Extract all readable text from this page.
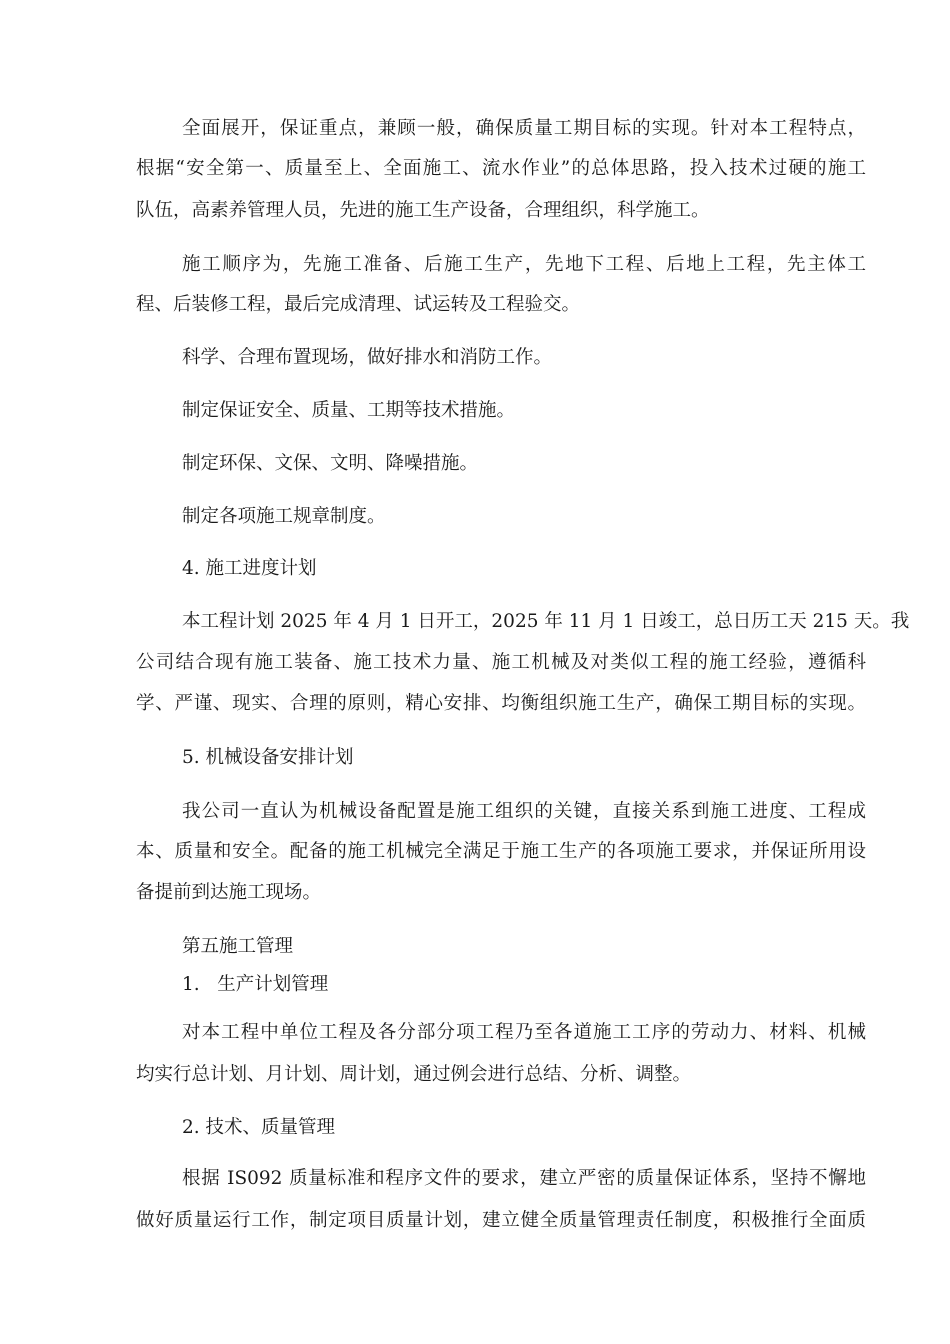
全面展开，保证重点，兼顾一般，确保质量工期目标的实现。针对本工程特点，
根据“安全第一、质量至上、全面施工、流水作业”的总体思路，投入技术过硬的施工
队伍，高素养管理人员，先进的施工生产设备，合理组织，科学施工。
施工顺序为，先施工准备、后施工生产，先地下工程、后地上工程，先主体工
程、后装修工程，最后完成清理、试运转及工程验交。
科学、合理布置现场，做好排水和消防工作。
制定保证安全、质量、工期等技术措施。
制定环保、文保、文明、降噪措施。
制定各项施工规章制度。
4. 施工进度计划
本工程计划 2025 年 4 月 1 日开工，2025 年 11 月 1 日竣工，总日历工天 215 天。我
公司结合现有施工装备、施工技术力量、施工机械及对类似工程的施工经验，遵循科
学、严谨、现实、合理的原则，精心安排、均衡组织施工生产，确保工期目标的实现。
5. 机械设备安排计划
我公司一直认为机械设备配置是施工组织的关键，直接关系到施工进度、工程成
本、质量和安全。配备的施工机械完全满足于施工生产的各项施工要求，并保证所用设
备提前到达施工现场。
第五施工管理
1.   生产计划管理
对本工程中单位工程及各分部分项工程乃至各道施工工序的劳动力、材料、机械
均实行总计划、月计划、周计划，通过例会进行总结、分析、调整。
2. 技术、质量管理
根据 IS092 质量标准和程序文件的要求，建立严密的质量保证体系，坚持不懈地
做好质量运行工作，制定项目质量计划，建立健全质量管理责任制度，积极推行全面质
